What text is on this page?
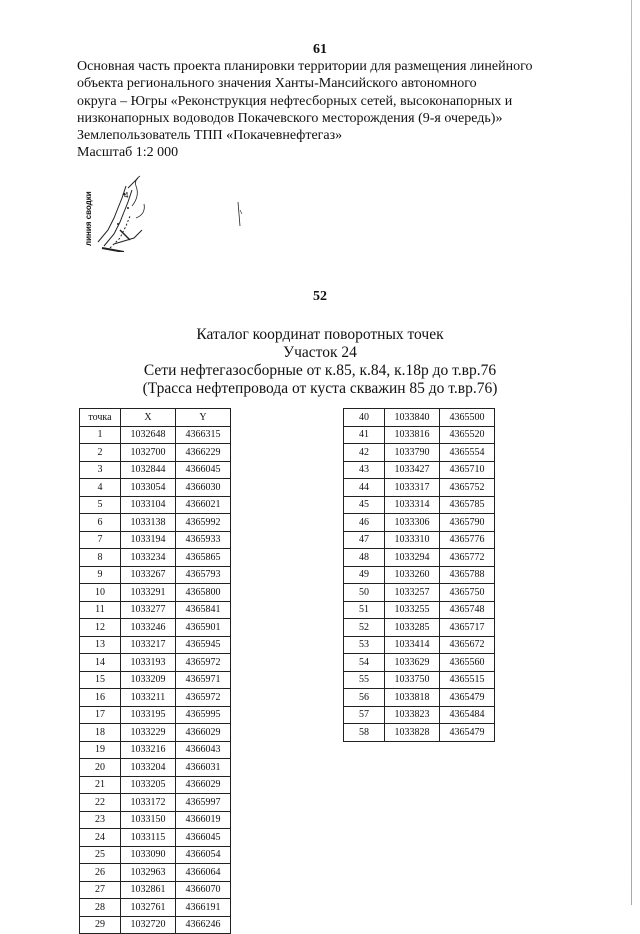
61
Основная часть проекта планировки территории для размещения линейного
объекта регионального значения Ханты-Мансийского автономного
округа – Югры «Реконструкция нефтесборных сетей, высоконапорных и
низконапорных водоводов Покачевского месторождения (9-я очередь)»
Землепользователь ТПП «Покачевнефтегаз»
Масштаб 1:2 000
4
линия сводки
52
Каталог координат поворотных точек
Участок 24
Сети нефтегазосборные от к.85, к.84, к.18р до т.вр.76
(Трасса нефтепровода от куста скважин 85 до т.вр.76)
точка	X	Y
1	1032648	4366315
2	1032700	4366229
3	1032844	4366045
4	1033054	4366030
5	1033104	4366021
6	1033138	4365992
7	1033194	4365933
8	1033234	4365865
9	1033267	4365793
10	1033291	4365800
11	1033277	4365841
12	1033246	4365901
13	1033217	4365945
14	1033193	4365972
15	1033209	4365971
16	1033211	4365972
17	1033195	4365995
18	1033229	4366029
19	1033216	4366043
20	1033204	4366031
21	1033205	4366029
22	1033172	4365997
23	1033150	4366019
24	1033115	4366045
25	1033090	4366054
26	1032963	4366064
27	1032861	4366070
28	1032761	4366191
29	1032720	4366246
40	1033840	4365500
41	1033816	4365520
42	1033790	4365554
43	1033427	4365710
44	1033317	4365752
45	1033314	4365785
46	1033306	4365790
47	1033310	4365776
48	1033294	4365772
49	1033260	4365788
50	1033257	4365750
51	1033255	4365748
52	1033285	4365717
53	1033414	4365672
54	1033629	4365560
55	1033750	4365515
56	1033818	4365479
57	1033823	4365484
58	1033828	4365479
